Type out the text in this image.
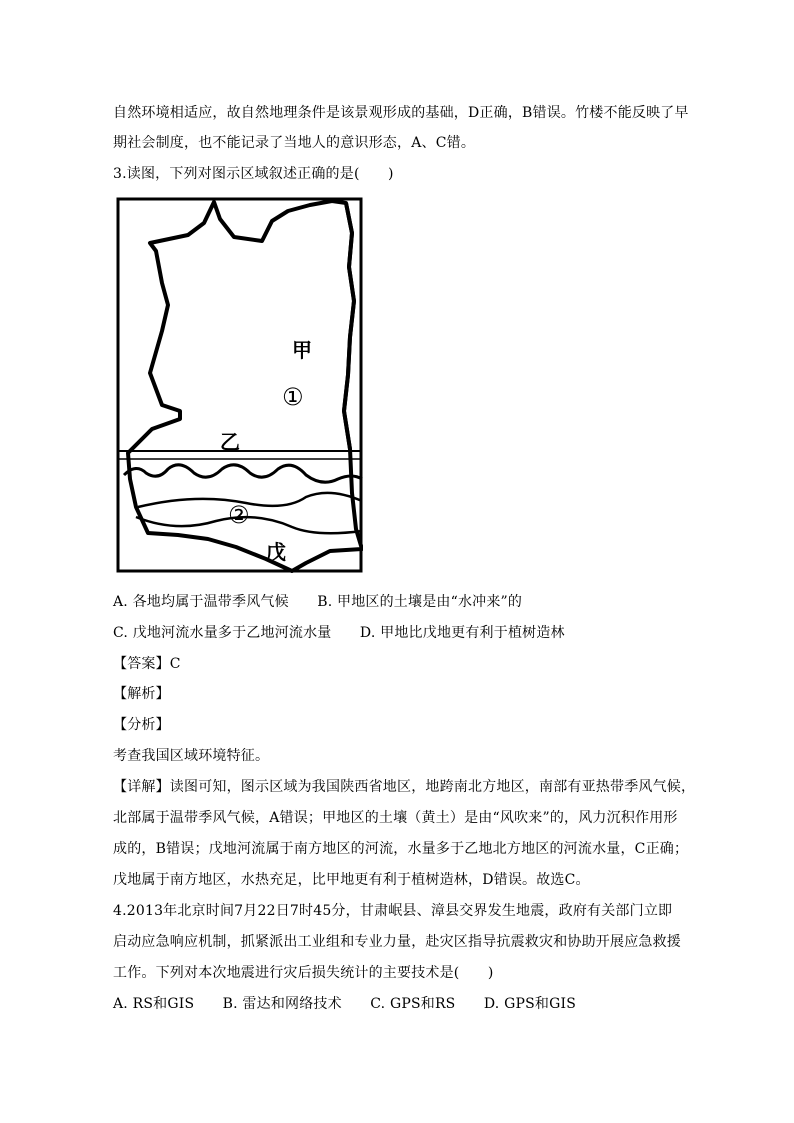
自然环境相适应，故自然地理条件是该景观形成的基础，D正确，B错误。竹楼不能反映了早
期社会制度，也不能记录了当地人的意识形态，A、C错。
3.读图，下列对图示区域叙述正确的是(　　)
甲
①
乙
②
戊
A. 各地均属于温带季风气候　　B. 甲地区的土壤是由“水冲来”的
C. 戊地河流水量多于乙地河流水量　　D. 甲地比戊地更有利于植树造林
【答案】C
【解析】
【分析】
考查我国区域环境特征。
【详解】读图可知，图示区域为我国陕西省地区，地跨南北方地区，南部有亚热带季风气候，
北部属于温带季风气候，A错误；甲地区的土壤（黄土）是由“风吹来”的，风力沉积作用形
成的，B错误；戊地河流属于南方地区的河流，水量多于乙地北方地区的河流水量，C正确；
戊地属于南方地区，水热充足，比甲地更有利于植树造林，D错误。故选C。
4.2013年北京时间7月22日7时45分，甘肃岷县、漳县交界发生地震，政府有关部门立即
启动应急响应机制，抓紧派出工业组和专业力量，赴灾区指导抗震救灾和协助开展应急救援
工作。下列对本次地震进行灾后损失统计的主要技术是(　　)
A. RS和GIS　　B. 雷达和网络技术　　C. GPS和RS　　D. GPS和GIS
